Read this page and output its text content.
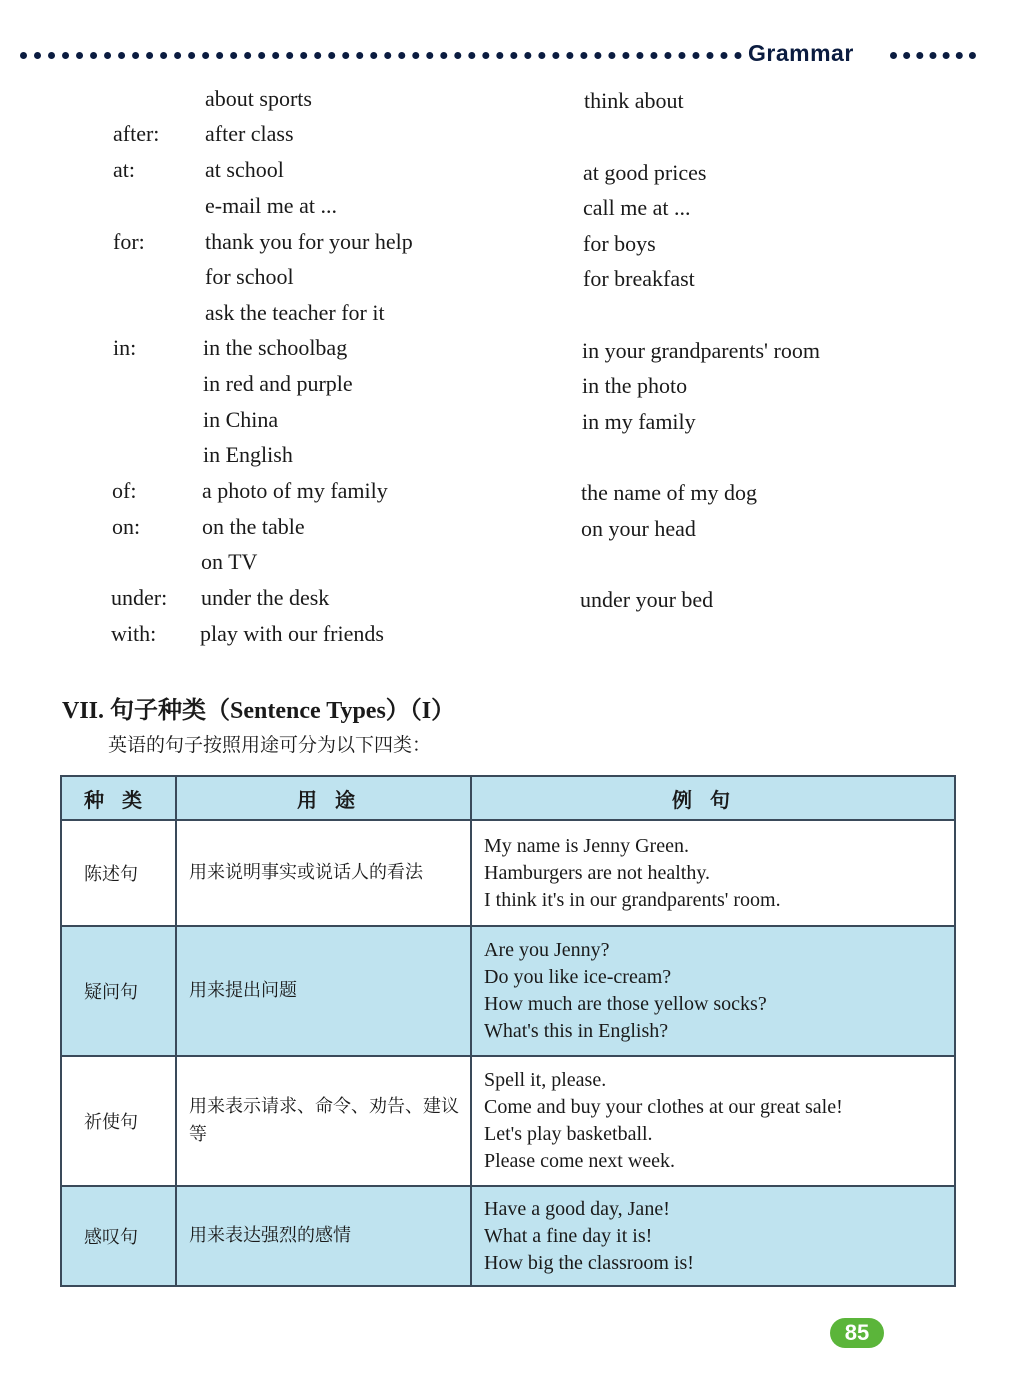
Grammar
about sports	think about
after: after class
at:	at school	at good prices
e-mail me at ...	call me at ...
for:	thank you for your help	for boys
for school	for breakfast
ask the teacher for it
in:	in the schoolbag	in your grandparents' room
in red and purple	in the photo
in China	in my family
in English
of:	a photo of my family	the name of my dog
on:	on the table	on your head
on TV
under: under the desk	under your bed
with: play with our friends
VII. 句子种类（Sentence Types）（I）
英语的句子按照用途可分为以下四类：
种类	用途	例句
陈述句	用来说明事实或说话人的看法	My name is Jenny Green.
Hamburgers are not healthy.
I think it's in our grandparents' room.

疑问句	用来提出问题	Are you Jenny?
Do you like ice-cream?
How much are those yellow socks?
What's this in English?

祈使句	用来表示请求、命令、劝告、建议等	Spell it, please.
Come and buy your clothes at our great sale!
Let's play basketball.
Please come next week.

感叹句	用来表达强烈的感情	Have a good day, Jane!
What a fine day it is!
How big the classroom is!
85
